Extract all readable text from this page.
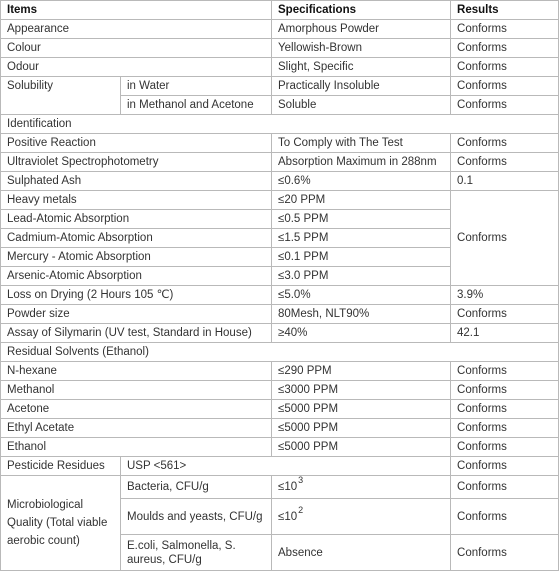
Items		Specifications	Results
Appearance		Amorphous Powder	Conforms
Colour		Yellowish-Brown	Conforms
Odour		Slight, Specific	Conforms
Solubility	in Water	Practically Insoluble	Conforms
	in Methanol and Acetone	Soluble	Conforms
Identification			
Positive Reaction		To Comply with The Test	Conforms
Ultraviolet Spectrophotometry		Absorption Maximum in 288nm	Conforms
Sulphated Ash		≤0.6%	0.1
Heavy metals		≤20 PPM	Conforms
Lead-Atomic Absorption		≤0.5 PPM	
Cadmium-Atomic Absorption		≤1.5 PPM	
Mercury - Atomic Absorption		≤0.1 PPM	
Arsenic-Atomic Absorption		≤3.0 PPM	
Loss on Drying (2 Hours 105 ℃)		≤5.0%	3.9%
Powder size		80Mesh, NLT90%	Conforms
Assay of Silymarin (UV test, Standard in House)		≥40%	42.1
Residual Solvents (Ethanol)			
N-hexane		≤290 PPM	Conforms
Methanol		≤3000 PPM	Conforms
Acetone		≤5000 PPM	Conforms
Ethyl Acetate		≤5000 PPM	Conforms
Ethanol		≤5000 PPM	Conforms
Pesticide Residues	USP <561>		Conforms
Microbiological Quality (Total viable aerobic count)	Bacteria, CFU/g	$\le 10^3$	Conforms
	Moulds and yeasts, CFU/g	$\le 10^2$	Conforms
	E.coli, Salmonella, S. aureus, CFU/g	Absence	Conforms
